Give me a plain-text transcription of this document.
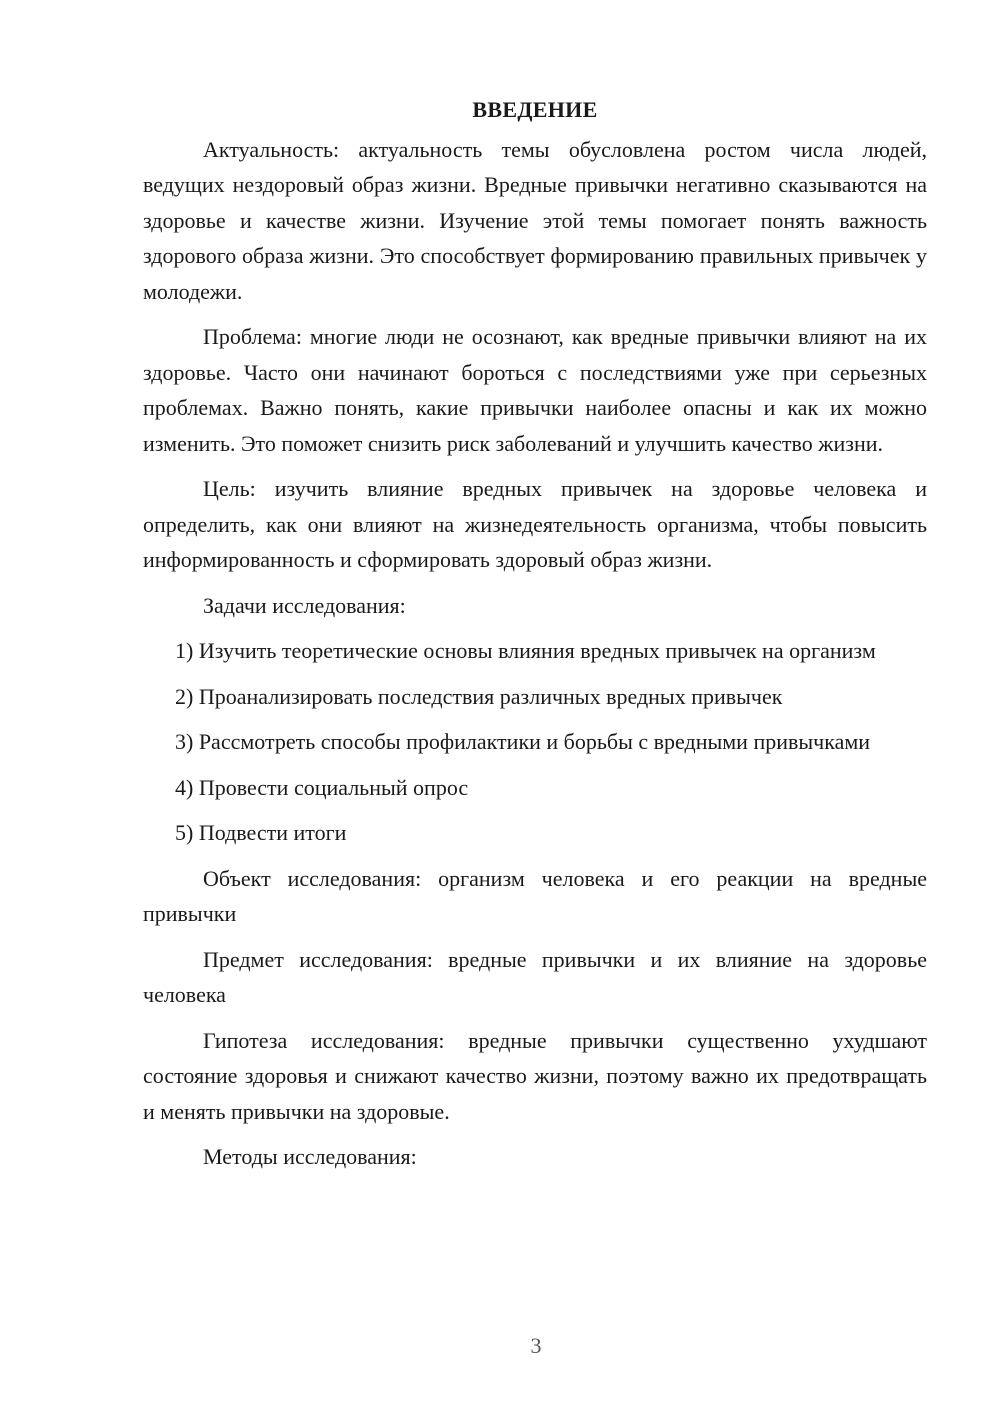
ВВЕДЕНИЕ

Актуальность: актуальность темы обусловлена ростом числа людей, ведущих нездоровый образ жизни. Вредные привычки негативно сказываются на здоровье и качестве жизни. Изучение этой темы помогает понять важность здорового образа жизни. Это способствует формированию правильных привычек у молодежи.

Проблема: многие люди не осознают, как вредные привычки влияют на их здоровье. Часто они начинают бороться с последствиями уже при серьезных проблемах. Важно понять, какие привычки наиболее опасны и как их можно изменить. Это поможет снизить риск заболеваний и улучшить качество жизни.

Цель: изучить влияние вредных привычек на здоровье человека и определить, как они влияют на жизнедеятельность организма, чтобы повысить информированность и сформировать здоровый образ жизни.

Задачи исследования:

1) Изучить теоретические основы влияния вредных привычек на организм

2) Проанализировать последствия различных вредных привычек

3) Рассмотреть способы профилактики и борьбы с вредными привычками

4) Провести социальный опрос

5) Подвести итоги

Объект исследования: организм человека и его реакции на вредные привычки

Предмет исследования: вредные привычки и их влияние на здоровье человека

Гипотеза исследования: вредные привычки существенно ухудшают состояние здоровья и снижают качество жизни, поэтому важно их предотвращать и менять привычки на здоровые.

Методы исследования:

3
